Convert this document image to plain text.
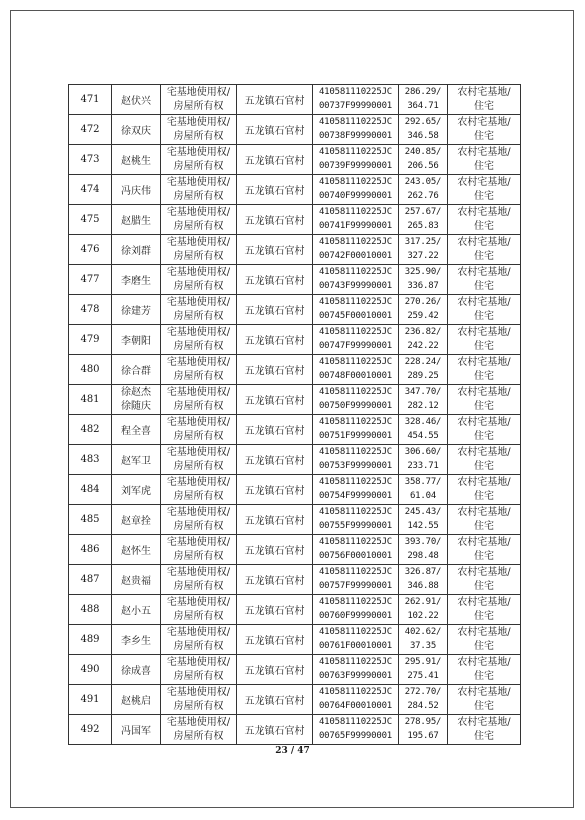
471	赵伏兴	宅基地使用权/
房屋所有权	五龙镇石官村	410581110225JC
00737F99990001	286.29/
364.71	农村宅基地/
住宅

472	徐双庆	宅基地使用权/
房屋所有权	五龙镇石官村	410581110225JC
00738F99990001	292.65/
346.58	农村宅基地/
住宅

473	赵桃生	宅基地使用权/
房屋所有权	五龙镇石官村	410581110225JC
00739F99990001	240.85/
206.56	农村宅基地/
住宅

474	冯庆伟	宅基地使用权/
房屋所有权	五龙镇石官村	410581110225JC
00740F99990001	243.05/
262.76	农村宅基地/
住宅

475	赵腊生	宅基地使用权/
房屋所有权	五龙镇石官村	410581110225JC
00741F99990001	257.67/
265.83	农村宅基地/
住宅

476	徐刘群	宅基地使用权/
房屋所有权	五龙镇石官村	410581110225JC
00742F00010001	317.25/
327.22	农村宅基地/
住宅

477	李磨生	宅基地使用权/
房屋所有权	五龙镇石官村	410581110225JC
00743F99990001	325.90/
336.87	农村宅基地/
住宅

478	徐建芳	宅基地使用权/
房屋所有权	五龙镇石官村	410581110225JC
00745F00010001	270.26/
259.42	农村宅基地/
住宅

479	李朝阳	宅基地使用权/
房屋所有权	五龙镇石官村	410581110225JC
00747F99990001	236.82/
242.22	农村宅基地/
住宅

480	徐合群	宅基地使用权/
房屋所有权	五龙镇石官村	410581110225JC
00748F00010001	228.24/
289.25	农村宅基地/
住宅

481	徐赵杰
徐随庆	宅基地使用权/
房屋所有权	五龙镇石官村	410581110225JC
00750F99990001	347.70/
282.12	农村宅基地/
住宅

482	程全喜	宅基地使用权/
房屋所有权	五龙镇石官村	410581110225JC
00751F99990001	328.46/
454.55	农村宅基地/
住宅

483	赵军卫	宅基地使用权/
房屋所有权	五龙镇石官村	410581110225JC
00753F99990001	306.60/
233.71	农村宅基地/
住宅

484	刘军虎	宅基地使用权/
房屋所有权	五龙镇石官村	410581110225JC
00754F99990001	358.77/
61.04	农村宅基地/
住宅

485	赵章拴	宅基地使用权/
房屋所有权	五龙镇石官村	410581110225JC
00755F99990001	245.43/
142.55	农村宅基地/
住宅

486	赵怀生	宅基地使用权/
房屋所有权	五龙镇石官村	410581110225JC
00756F00010001	393.70/
298.48	农村宅基地/
住宅

487	赵贵福	宅基地使用权/
房屋所有权	五龙镇石官村	410581110225JC
00757F99990001	326.87/
346.88	农村宅基地/
住宅

488	赵小五	宅基地使用权/
房屋所有权	五龙镇石官村	410581110225JC
00760F99990001	262.91/
102.22	农村宅基地/
住宅

489	李乡生	宅基地使用权/
房屋所有权	五龙镇石官村	410581110225JC
00761F00010001	402.62/
37.35	农村宅基地/
住宅

490	徐成喜	宅基地使用权/
房屋所有权	五龙镇石官村	410581110225JC
00763F99990001	295.91/
275.41	农村宅基地/
住宅

491	赵桃启	宅基地使用权/
房屋所有权	五龙镇石官村	410581110225JC
00764F00010001	272.70/
284.52	农村宅基地/
住宅

492	冯国军	宅基地使用权/
房屋所有权	五龙镇石官村	410581110225JC
00765F99990001	278.95/
195.67	农村宅基地/
住宅
23 / 47
